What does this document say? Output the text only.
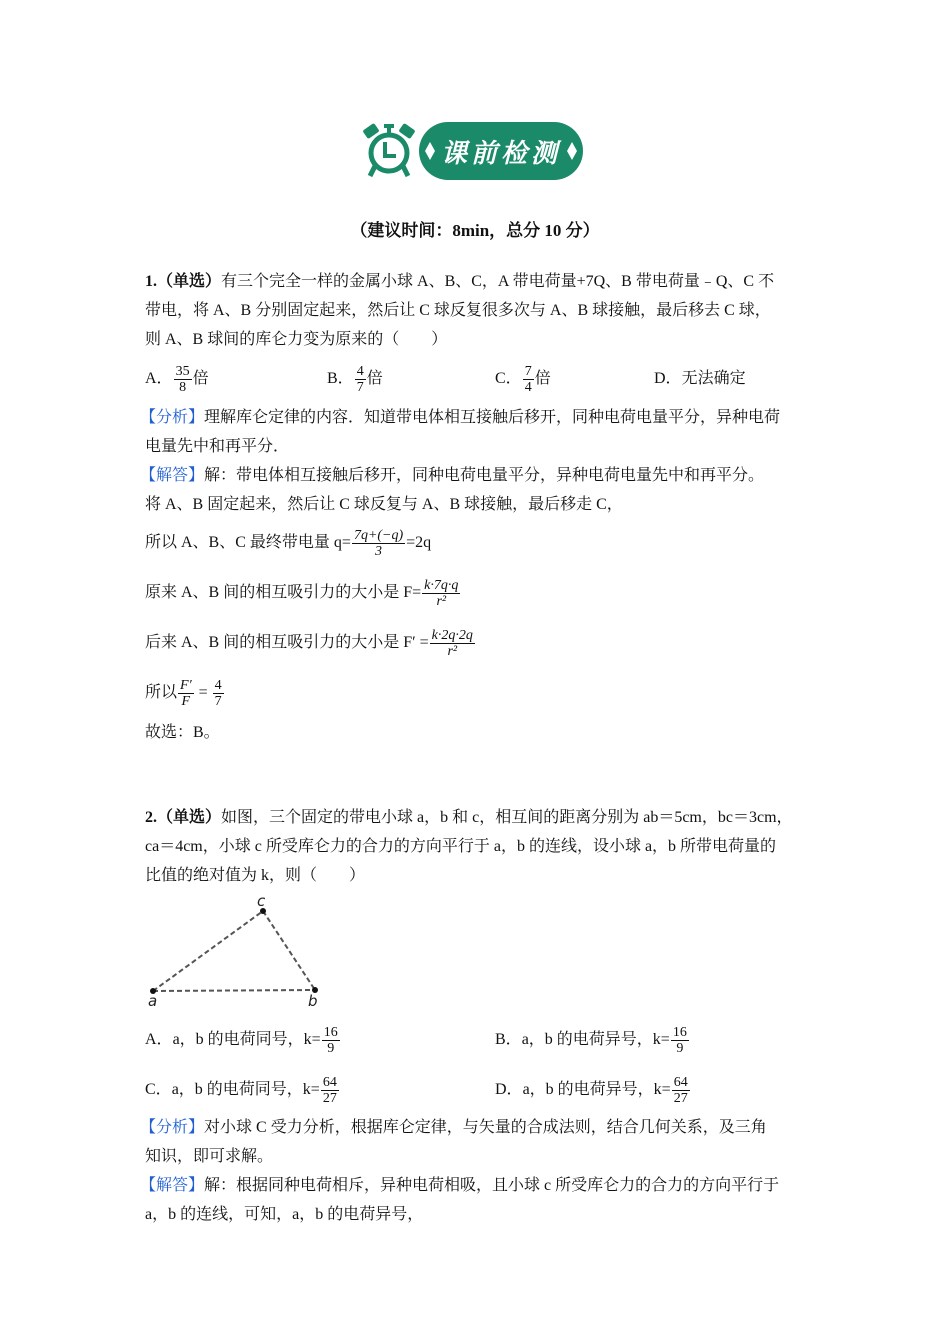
课前检测
（建议时间：8min，总分 10 分）
1.（单选）有三个完全一样的金属小球 A、B、C，A 带电荷量+7Q、B 带电荷量﹣Q、C 不
带电，将 A、B 分别固定起来，然后让 C 球反复很多次与 A、B 球接触，最后移去 C 球，
则 A、B 球间的库仑力变为原来的（　　）
A． $\frac{35}{8}$ 倍	B． $\frac{4}{7}$ 倍	C． $\frac{7}{4}$ 倍	D．无法确定
【分析】理解库仑定律的内容．知道带电体相互接触后移开，同种电荷电量平分，异种电荷
电量先中和再平分．
【解答】解：带电体相互接触后移开，同种电荷电量平分，异种电荷电量先中和再平分。
将 A、B 固定起来，然后让 C 球反复与 A、B 球接触，最后移走 C，
所以 A、B、C 最终带电量 $q= \frac{7q+(-q)}{3} =2q$
原来 A、B 间的相互吸引力的大小是 $F= \frac{k\cdot 7q\cdot q}{\text{r²}}$
后来 A、B 间的相互吸引力的大小是 $F' = \frac{k\cdot 2q\cdot 2q}{\text{r²}}$
所以 $\frac{F'}{F} = \frac{4}{7}$
故选：B。
2.（单选）如图，三个固定的带电小球 a，b 和 c，相互间的距离分别为 ab＝5cm，bc＝3cm，
ca＝4cm，小球 c 所受库仑力的合力的方向平行于 a，b 的连线，设小球 a，b 所带电荷量的
比值的绝对值为 k，则（　　）
a	b
c
A．a，b 的电荷同号，$k= \frac{16}{9}$	B．a，b 的电荷异号，$k= \frac{16}{9}$
C．a，b 的电荷同号，$k= \frac{64}{27}$	D．a，b 的电荷异号，$k= \frac{64}{27}$
【分析】对小球 C 受力分析，根据库仑定律，与矢量的合成法则，结合几何关系，及三角
知识，即可求解。
【解答】解：根据同种电荷相斥，异种电荷相吸，且小球 c 所受库仑力的合力的方向平行于
a，b 的连线，可知，a，b 的电荷异号，
